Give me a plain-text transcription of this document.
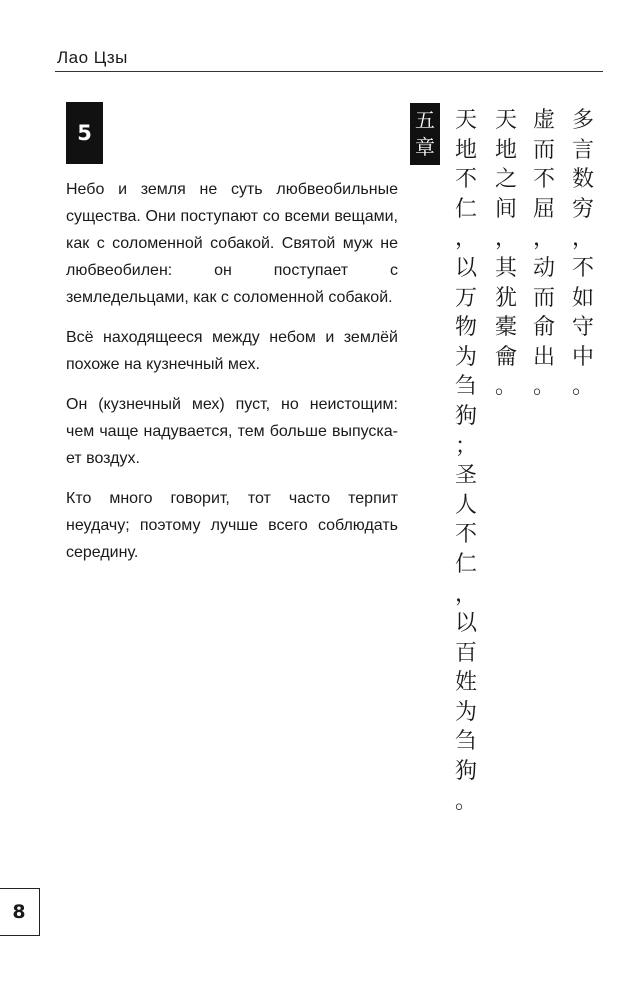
Лао Цзы
5

Небо и земля не суть любвеобильные существа. Они поступают со всеми вещами, как с соломенной собакой. Святой муж не любвеобилен: он поступает с земледельцами, как с соломенной собакой.

Всё находящееся между небом и землёй похоже на кузнечный мех.

Он (кузнечный мех) пуст, но неистощим: чем чаще надувается, тем больше выпускает воздух.

Кто много говорит, тот часто терпит неудачу; поэтому лучше всего соблюдать середину.

五
章
天
地
不
仁
，
以
万
物
为
刍
狗
；
圣
人
不
仁
，
以
百
姓
为
刍
狗
。
天
地
之
间
，
其
犹
橐
龠
。
虚
而
不
屈
，
动
而
俞
出
。
多
言
数
穷
，
不
如
守
中
。
8
